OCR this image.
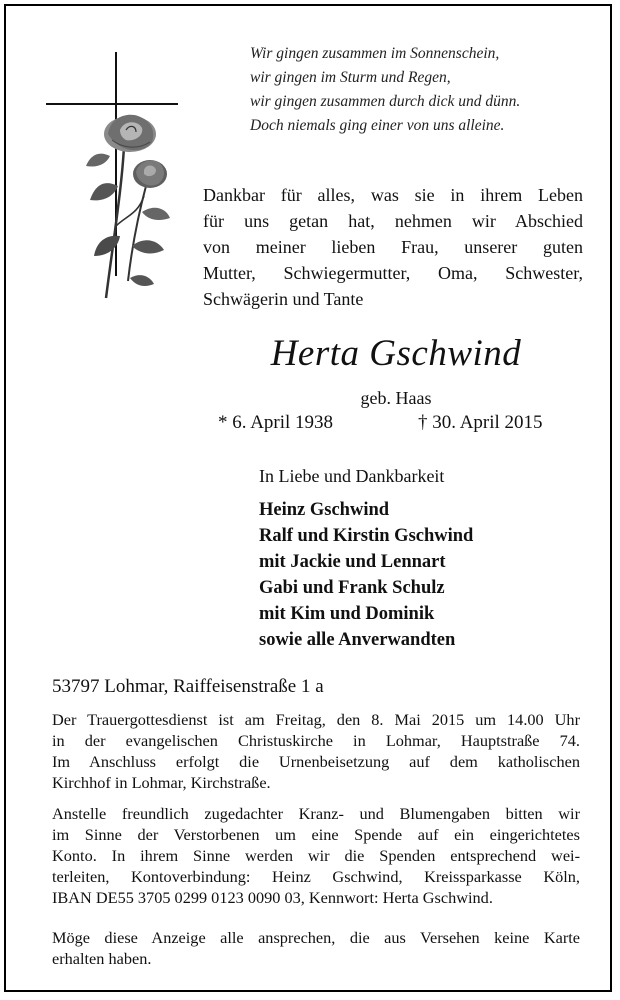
Wir gingen zusammen im Sonnenschein,
wir gingen im Sturm und Regen,
wir gingen zusammen durch dick und dünn.
Doch niemals ging einer von uns alleine.
Dankbar für alles, was sie in ihrem Leben
für uns getan hat, nehmen wir Abschied
von meiner lieben Frau, unserer guten
Mutter, Schwiegermutter, Oma, Schwester,
Schwägerin und Tante
Herta Gschwind
geb. Haas
* 6. April 1938	† 30. April 2015
In Liebe und Dankbarkeit
Heinz Gschwind
Ralf und Kirstin Gschwind
mit Jackie und Lennart
Gabi und Frank Schulz
mit Kim und Dominik
sowie alle Anverwandten
53797 Lohmar, Raiffeisenstraße 1 a
Der Trauergottesdienst ist am Freitag, den 8. Mai 2015 um 14.00 Uhr
in der evangelischen Christuskirche in Lohmar, Hauptstraße 74.
Im Anschluss erfolgt die Urnenbeisetzung auf dem katholischen
Kirchhof in Lohmar, Kirchstraße.
Anstelle freundlich zugedachter Kranz- und Blumengaben bitten wir
im Sinne der Verstorbenen um eine Spende auf ein eingerichtetes
Konto. In ihrem Sinne werden wir die Spenden entsprechend wei-
terleiten, Kontoverbindung: Heinz Gschwind, Kreissparkasse Köln,
IBAN DE55 3705 0299 0123 0090 03, Kennwort: Herta Gschwind.
Möge diese Anzeige alle ansprechen, die aus Versehen keine Karte
erhalten haben.
